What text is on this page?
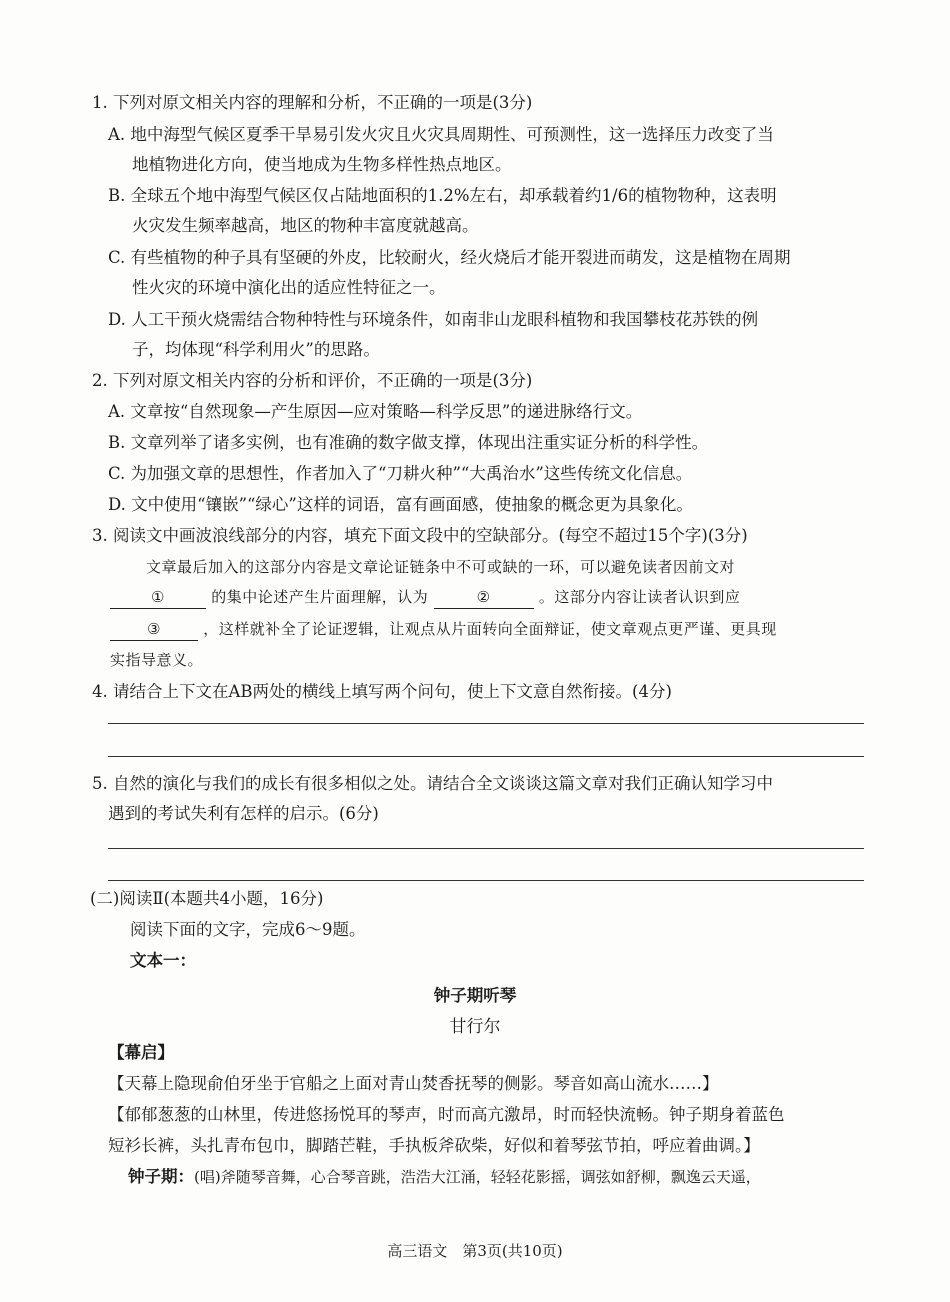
1. 下列对原文相关内容的理解和分析，不正确的一项是(3分)
A. 地中海型气候区夏季干旱易引发火灾且火灾具周期性、可预测性，这一选择压力改变了当
地植物进化方向，使当地成为生物多样性热点地区。
B. 全球五个地中海型气候区仅占陆地面积的1.2%左右，却承载着约1/6的植物物种，这表明
火灾发生频率越高，地区的物种丰富度就越高。
C. 有些植物的种子具有坚硬的外皮，比较耐火，经火烧后才能开裂进而萌发，这是植物在周期
性火灾的环境中演化出的适应性特征之一。
D. 人工干预火烧需结合物种特性与环境条件，如南非山龙眼科植物和我国攀枝花苏铁的例
子，均体现“科学利用火”的思路。
2. 下列对原文相关内容的分析和评价，不正确的一项是(3分)
A. 文章按“自然现象—产生原因—应对策略—科学反思”的递进脉络行文。
B. 文章列举了诸多实例，也有准确的数字做支撑，体现出注重实证分析的科学性。
C. 为加强文章的思想性，作者加入了“刀耕火种”“大禹治水”这些传统文化信息。
D. 文中使用“镶嵌”“绿心”这样的词语，富有画面感，使抽象的概念更为具象化。
3. 阅读文中画波浪线部分的内容，填充下面文段中的空缺部分。(每空不超过15个字)(3分)
文章最后加入的这部分内容是文章论证链条中不可或缺的一环，可以避免读者因前文对
①	的集中论述产生片面理解，认为	②	。这部分内容让读者认识到应
③	，这样就补全了论证逻辑，让观点从片面转向全面辩证，使文章观点更严谨、更具现
实指导意义。
4. 请结合上下文在AB两处的横线上填写两个问句，使上下文意自然衔接。(4分)
5. 自然的演化与我们的成长有很多相似之处。请结合全文谈谈这篇文章对我们正确认知学习中
遇到的考试失利有怎样的启示。(6分)
(二)阅读Ⅱ(本题共4小题，16分)
阅读下面的文字，完成6～9题。
文本一：
钟子期听琴
甘行尔
【幕启】
【天幕上隐现俞伯牙坐于官船之上面对青山焚香抚琴的侧影。琴音如高山流水……】
【郁郁葱葱的山林里，传进悠扬悦耳的琴声，时而高亢激昂，时而轻快流畅。钟子期身着蓝色
短衫长裤，头扎青布包巾，脚踏芒鞋，手执板斧砍柴，好似和着琴弦节拍，呼应着曲调。】
钟子期：(唱)斧随琴音舞，心合琴音跳，浩浩大江涌，轻轻花影摇，调弦如舒柳，飘逸云天遥，
高三语文　第3页(共10页)
